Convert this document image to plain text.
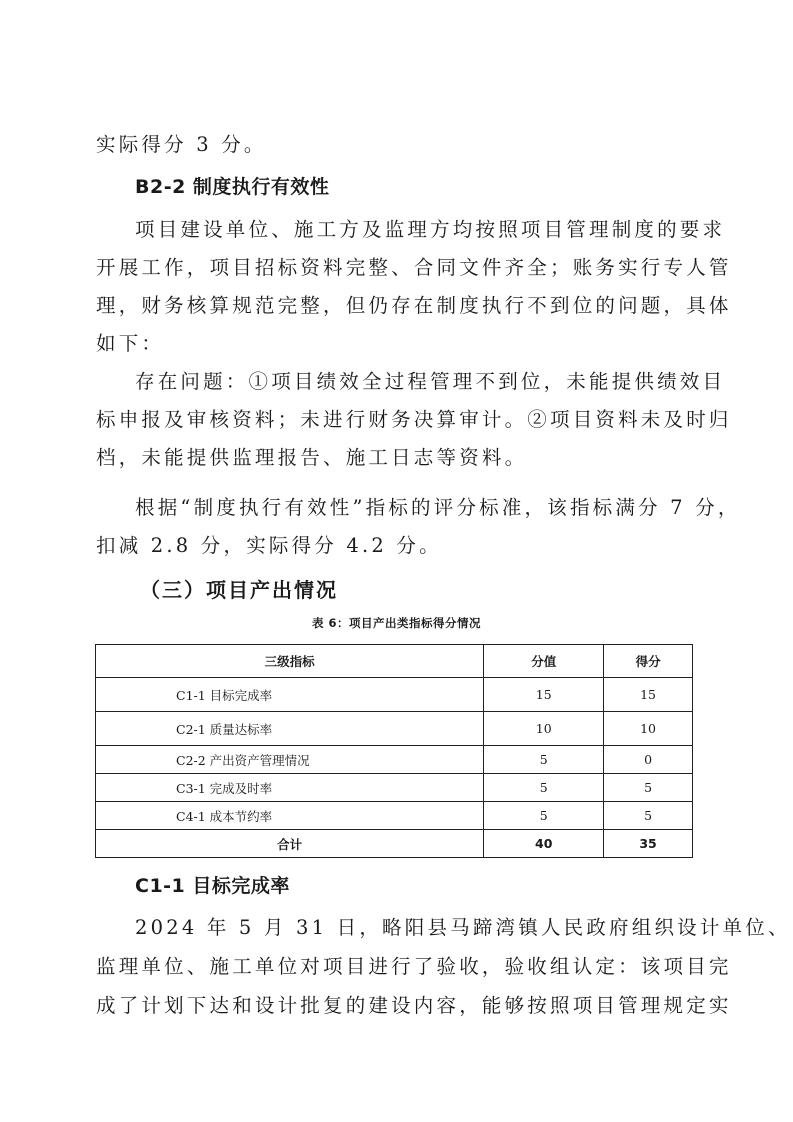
实际得分 3 分。
B2-2 制度执行有效性
项目建设单位、施工方及监理方均按照项目管理制度的要求
开展工作，项目招标资料完整、合同文件齐全；账务实行专人管
理，财务核算规范完整，但仍存在制度执行不到位的问题，具体
如下：
存在问题：①项目绩效全过程管理不到位，未能提供绩效目
标申报及审核资料；未进行财务决算审计。②项目资料未及时归
档，未能提供监理报告、施工日志等资料。
根据“制度执行有效性”指标的评分标准，该指标满分 7 分，
扣减 2.8 分，实际得分 4.2 分。
（三）项目产出情况
表 6：项目产出类指标得分情况
三级指标	分值	得分
C1-1 目标完成率	15	15
C2-1 质量达标率	10	10
C2-2 产出资产管理情况	5	0
C3-1 完成及时率	5	5
C4-1 成本节约率	5	5
合计	40	35
C1-1 目标完成率
2024 年 5 月 31 日，略阳县马蹄湾镇人民政府组织设计单位、
监理单位、施工单位对项目进行了验收，验收组认定：该项目完
成了计划下达和设计批复的建设内容，能够按照项目管理规定实
